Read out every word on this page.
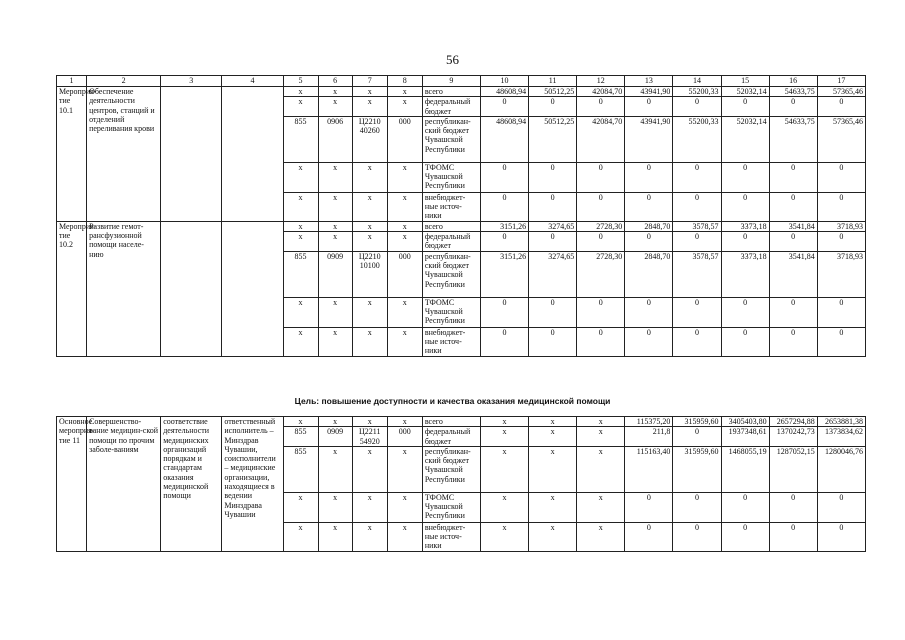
56
1	2	3	4	5	6	7	8	9	10	11	12	13	14	15	16	17
Мероприя-тие 10.1	Обеспечение деятельности центров, станций и отделений переливания крови			x	x	x	x	всего	48608,94	50512,25	42084,70	43941,90	55200,33	52032,14	54633,75	57365,46
				x	x	x	x	федеральный бюджет	0	0	0	0	0	0	0	0
				855	0906	Ц2210 40260	000	республикан-ский бюджет Чувашской Республики	48608,94	50512,25	42084,70	43941,90	55200,33	52032,14	54633,75	57365,46
				x	x	x	x	ТФОМС Чувашской Республики	0	0	0	0	0	0	0	0
				x	x	x	x	внебюджет-ные источ-ники	0	0	0	0	0	0	0	0
Мероприя-тие 10.2	Развитие гемот-рансфузионной помощи населе-нию			x	x	x	x	всего	3151,26	3274,65	2728,30	2848,70	3578,57	3373,18	3541,84	3718,93
				x	x	x	x	федеральный бюджет	0	0	0	0	0	0	0	0
				855	0909	Ц2210 10100	000	республикан-ский бюджет Чувашской Республики	3151,26	3274,65	2728,30	2848,70	3578,57	3373,18	3541,84	3718,93
				x	x	x	x	ТФОМС Чувашской Республики	0	0	0	0	0	0	0	0
				x	x	x	x	внебюджет-ные источ-ники	0	0	0	0	0	0	0	0
Цель: повышение доступности и качества оказания медицинской помощи
Основное мероприя-тие 11	Совершенство-вание медицин-ской помощи по прочим заболе-ваниям	соответствие деятельности медицинских организаций порядкам и стандартам оказания медицинской помощи	ответственный исполнитель – Минздрав Чувашии, соисполнители – медицинские организации, находящиеся в ведении Минздрава Чувашии	x	x	x	x	всего	x	x	x	115375,20	315959,60	3405403,80	2657294,88	2653881,38
				855	0909	Ц2211 54920	000	федеральный бюджет	x	x	x	211,8	0	1937348,61	1370242,73	1373834,62
				855	x	x	x	республикан-ский бюджет Чувашской Республики	x	x	x	115163,40	315959,60	1468055,19	1287052,15	1280046,76
				x	x	x	x	ТФОМС Чувашской Республики	x	x	x	0	0	0	0	0
				x	x	x	x	внебюджет-ные источ-ники	x	x	x	0	0	0	0	0
